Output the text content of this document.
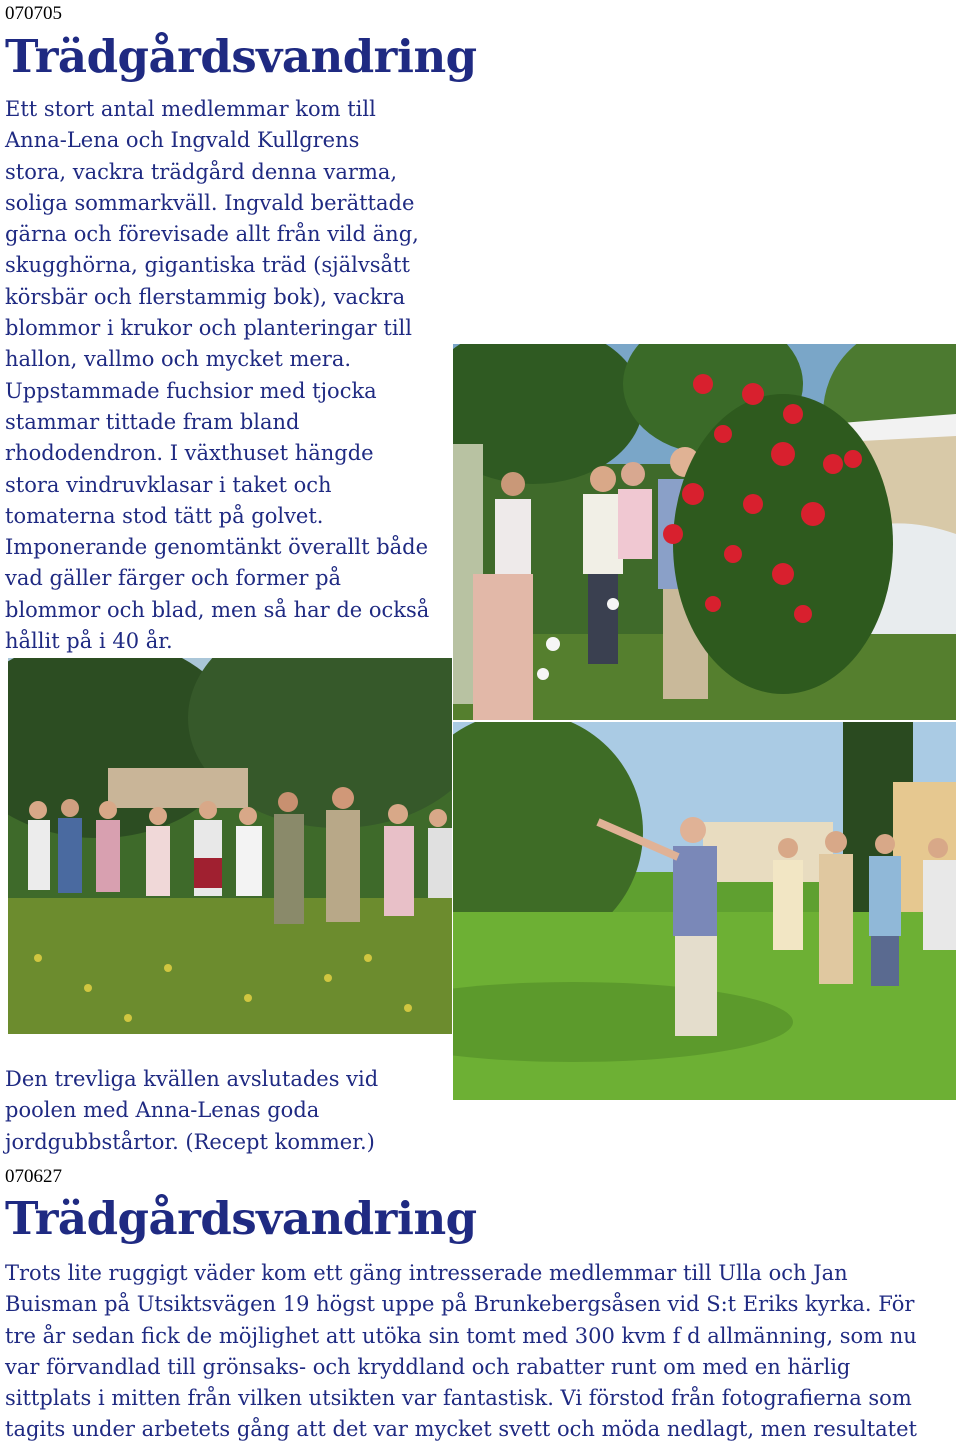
070705
Trädgårdsvandring
Ett stort antal medlemmar kom till
Anna-Lena och Ingvald Kullgrens
stora, vackra trädgård denna varma,
soliga sommarkväll. Ingvald berättade
gärna och förevisade allt från vild äng,
skugghörna, gigantiska träd (självsått
körsbär och flerstammig bok), vackra
blommor i krukor och planteringar till
hallon, vallmo och mycket mera.
Uppstammade fuchsior med tjocka
stammar tittade fram bland
rhododendron. I växthuset hängde
stora vindruvklasar i taket och
tomaterna stod tätt på golvet.
Imponerande genomtänkt överallt både
vad gäller färger och former på
blommor och blad, men så har de också
hållit på i 40 år.
Den trevliga kvällen avslutades vid
poolen med Anna-Lenas goda
jordgubbstårtor. (Recept kommer.)
070627
Trädgårdsvandring
Trots lite ruggigt väder kom ett gäng intresserade medlemmar till Ulla och Jan
Buisman på Utsiktsvägen 19 högst uppe på Brunkebergsåsen vid S:t Eriks kyrka. För
tre år sedan fick de möjlighet att utöka sin tomt med 300 kvm f d allmänning, som nu
var förvandlad till grönsaks- och kryddland och rabatter runt om med en härlig
sittplats i mitten från vilken utsikten var fantastisk. Vi förstod från fotografierna som
tagits under arbetets gång att det var mycket svett och möda nedlagt, men resultatet
